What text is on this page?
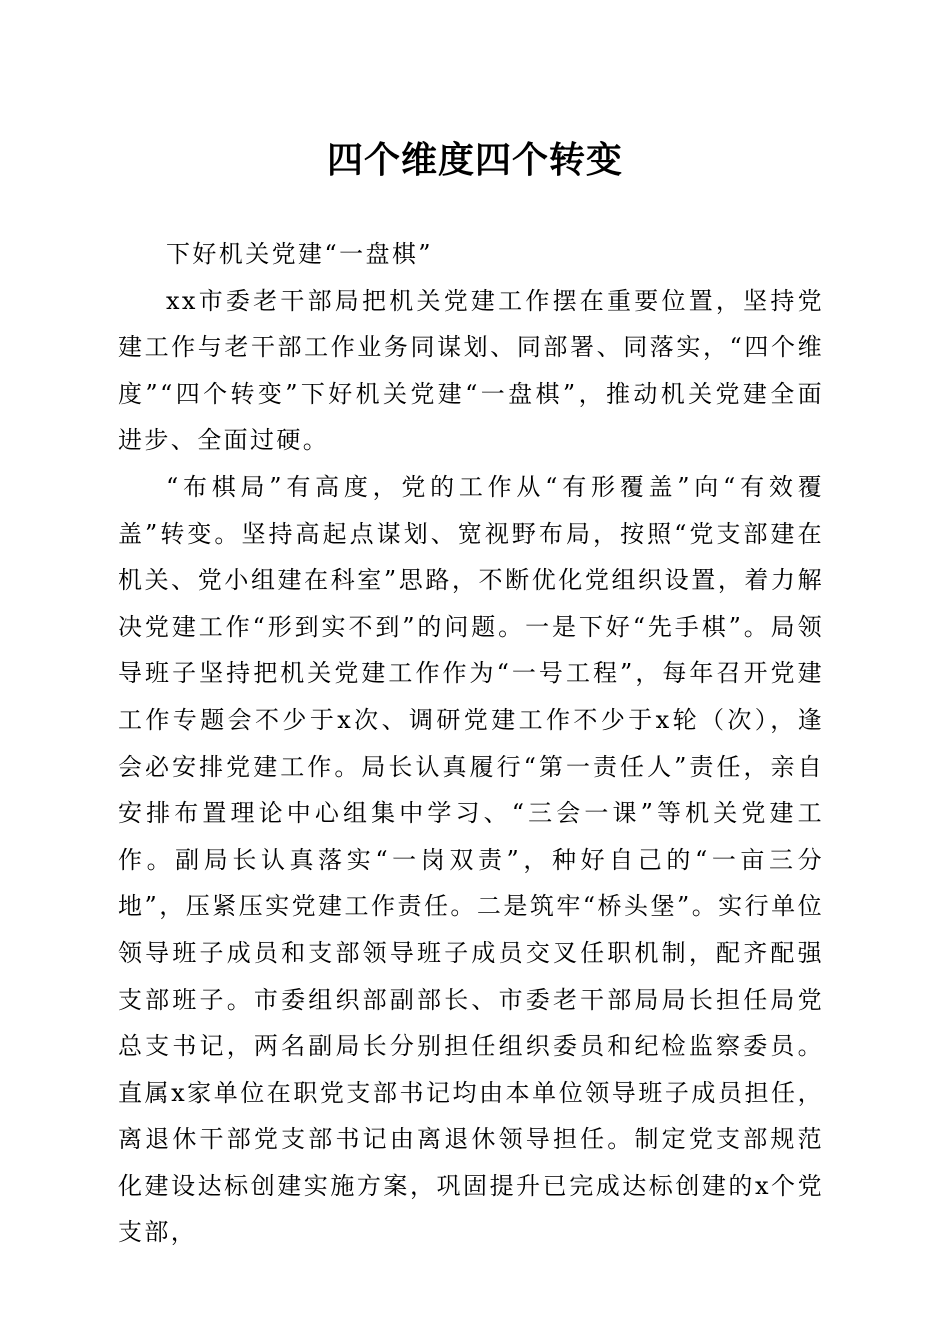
四个维度四个转变

下好机关党建“一盘棋”

xx市委老干部局把机关党建工作摆在重要位置，坚持党建工作与老干部工作业务同谋划、同部署、同落实，“四个维度”“四个转变”下好机关党建“一盘棋”，推动机关党建全面进步、全面过硬。

“布棋局”有高度，党的工作从“有形覆盖”向“有效覆盖”转变。坚持高起点谋划、宽视野布局，按照“党支部建在机关、党小组建在科室”思路，不断优化党组织设置，着力解决党建工作“形到实不到”的问题。一是下好“先手棋”。局领导班子坚持把机关党建工作作为“一号工程”，每年召开党建工作专题会不少于x次、调研党建工作不少于x轮（次），逢会必安排党建工作。局长认真履行“第一责任人”责任，亲自安排布置理论中心组集中学习、“三会一课”等机关党建工作。副局长认真落实“一岗双责”，种好自己的“一亩三分地”，压紧压实党建工作责任。二是筑牢“桥头堡”。实行单位领导班子成员和支部领导班子成员交叉任职机制，配齐配强支部班子。市委组织部副部长、市委老干部局局长担任局党总支书记，两名副局长分别担任组织委员和纪检监察委员。直属x家单位在职党支部书记均由本单位领导班子成员担任，离退休干部党支部书记由离退休领导担任。制定党支部规范化建设达标创建实施方案，巩固提升已完成达标创建的x个党支部，
